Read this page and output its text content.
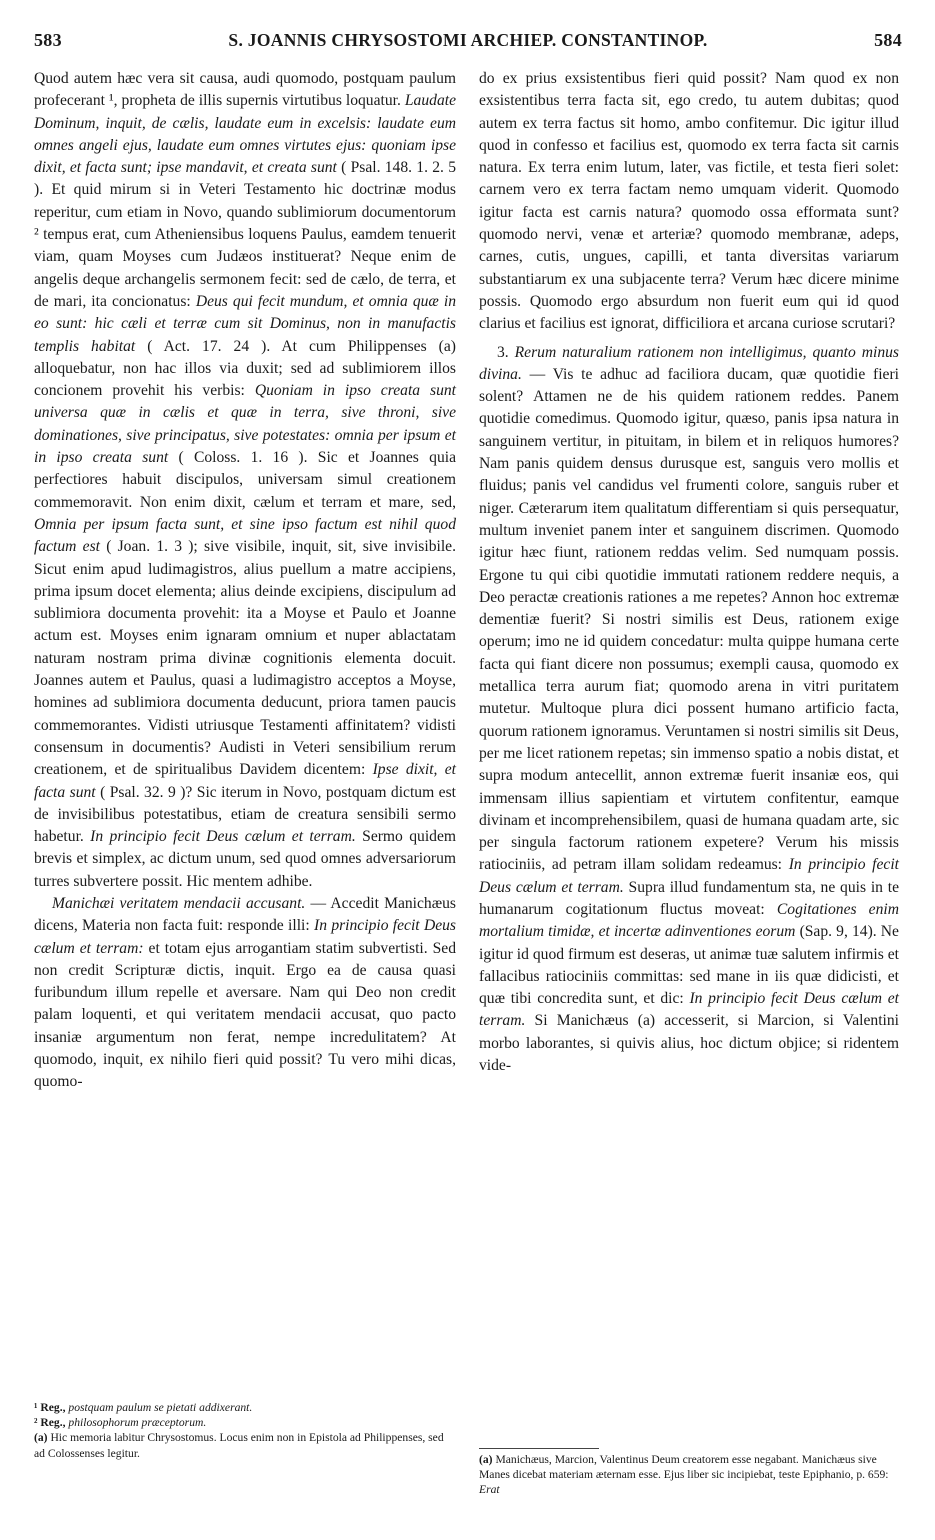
583	S. JOANNIS CHRYSOSTOMI ARCHIEP. CONSTANTINOP.	584

Quod autem hæc vera sit causa, audi quomodo, postquam paulum profecerant ¹, propheta de illis supernis virtutibus loquatur. Laudate Dominum, inquit, de cælis, laudate eum in excelsis: laudate eum omnes angeli ejus, laudate eum omnes virtutes ejus: quoniam ipse dixit, et facta sunt; ipse mandavit, et creata sunt ( Psal. 148. 1. 2. 5 ). Et quid mirum si in Veteri Testamento hic doctrinæ modus reperitur, cum etiam in Novo, quando sublimiorum documentorum ² tempus erat, cum Atheniensibus loquens Paulus, eamdem tenuerit viam, quam Moyses cum Judæos instituerat? Neque enim de angelis deque archangelis sermonem fecit: sed de cælo, de terra, et de mari, ita concionatus: Deus qui fecit mundum, et omnia quæ in eo sunt: hic cæli et terræ cum sit Dominus, non in manufactis templis habitat ( Act. 17. 24 ). At cum Philippenses (a) alloquebatur, non hac illos via duxit; sed ad sublimiorem illos concionem provehit his verbis: Quoniam in ipso creata sunt universa quæ in cælis et quæ in terra, sive throni, sive dominationes, sive principatus, sive potestates: omnia per ipsum et in ipso creata sunt ( Coloss. 1. 16 ). Sic et Joannes quia perfectiores habuit discipulos, universam simul creationem commemoravit. Non enim dixit, cælum et terram et mare, sed, Omnia per ipsum facta sunt, et sine ipso factum est nihil quod factum est ( Joan. 1. 3 ); sive visibile, inquit, sit, sive invisibile. Sicut enim apud ludimagistros, alius puellum a matre accipiens, prima ipsum docet elementa; alius deinde excipiens, discipulum ad sublimiora documenta provehit: ita a Moyse et Paulo et Joanne actum est. Moyses enim ignaram omnium et nuper ablactatam naturam nostram prima divinæ cognitionis elementa docuit. Joannes autem et Paulus, quasi a ludimagistro acceptos a Moyse, homines ad sublimiora documenta deducunt, priora tamen paucis commemorantes. Vidisti utriusque Testamenti affinitatem? vidisti consensum in documentis? Audisti in Veteri sensibilium rerum creationem, et de spiritualibus Davidem dicentem: Ipse dixit, et facta sunt ( Psal. 32. 9 )? Sic iterum in Novo, postquam dictum est de invisibilibus potestatibus, etiam de creatura sensibili sermo habetur. In principio fecit Deus cælum et terram. Sermo quidem brevis et simplex, ac dictum unum, sed quod omnes adversariorum turres subvertere possit. Hic mentem adhibe.

Manichæi veritatem mendacii accusant. — Accedit Manichæus dicens, Materia non facta fuit: responde illi: In principio fecit Deus cælum et terram: et totam ejus arrogantiam statim subvertisti. Sed non credit Scripturæ dictis, inquit. Ergo ea de causa quasi furibundum illum repelle et aversare. Nam qui Deo non credit palam loquenti, et qui veritatem mendacii accusat, quo pacto insaniæ argumentum non ferat, nempe incredulitatem? At quomodo, inquit, ex nihilo fieri quid possit? Tu vero mihi dicas, quomo-

do ex prius exsistentibus fieri quid possit? Nam quod ex non exsistentibus terra facta sit, ego credo, tu autem dubitas; quod autem ex terra factus sit homo, ambo confitemur. Dic igitur illud quod in confesso et facilius est, quomodo ex terra facta sit carnis natura. Ex terra enim lutum, later, vas fictile, et testa fieri solet: carnem vero ex terra factam nemo umquam viderit. Quomodo igitur facta est carnis natura? quomodo ossa efformata sunt? quomodo nervi, venæ et arteriæ? quomodo membranæ, adeps, carnes, cutis, ungues, capilli, et tanta diversitas variarum substantiarum ex una subjacente terra? Verum hæc dicere minime possis. Quomodo ergo absurdum non fuerit eum qui id quod clarius et facilius est ignorat, difficiliora et arcana curiose scrutari?

3. Rerum naturalium rationem non intelligimus, quanto minus divina. — Vis te adhuc ad faciliora ducam, quæ quotidie fieri solent? Attamen ne de his quidem rationem reddes. Panem quotidie comedimus. Quomodo igitur, quæso, panis ipsa natura in sanguinem vertitur, in pituitam, in bilem et in reliquos humores? Nam panis quidem densus durusque est, sanguis vero mollis et fluidus; panis vel candidus vel frumenti colore, sanguis ruber et niger. Cæterarum item qualitatum differentiam si quis persequatur, multum inveniet panem inter et sanguinem discrimen. Quomodo igitur hæc fiunt, rationem reddas velim. Sed numquam possis. Ergone tu qui cibi quotidie immutati rationem reddere nequis, a Deo peractæ creationis rationes a me repetes? Annon hoc extremæ dementiæ fuerit? Si nostri similis est Deus, rationem exige operum; imo ne id quidem concedatur: multa quippe humana certe facta qui fiant dicere non possumus; exempli causa, quomodo ex metallica terra aurum fiat; quomodo arena in vitri puritatem mutetur. Multoque plura dici possent humano artificio facta, quorum rationem ignoramus. Veruntamen si nostri similis sit Deus, per me licet rationem repetas; sin immenso spatio a nobis distat, et supra modum antecellit, annon extremæ fuerit insaniæ eos, qui immensam illius sapientiam et virtutem confitentur, eamque divinam et incomprehensibilem, quasi de humana quadam arte, sic per singula factorum rationem expetere? Verum his missis ratiociniis, ad petram illam solidam redeamus: In principio fecit Deus cælum et terram. Supra illud fundamentum sta, ne quis in te humanarum cogitationum fluctus moveat: Cogitationes enim mortalium timidæ, et incertæ adinventiones eorum (Sap. 9, 14). Ne igitur id quod firmum est deseras, ut animæ tuæ salutem infirmis et fallacibus ratiociniis committas: sed mane in iis quæ didicisti, et quæ tibi concredita sunt, et dic: In principio fecit Deus cælum et terram. Si Manichæus (a) accesserit, si Marcion, si Valentini morbo laborantes, si quivis alius, hoc dictum objice; si ridentem vide-

¹ Reg., postquam paulum se pietati addixerant.

² Reg., philosophorum præceptorum.

(a) Hic memoria labitur Chrysostomus. Locus enim non in Epistola ad Philippenses, sed ad Colossenses legitur.	(a) Manichæus, Marcion, Valentinus Deum creatorem esse negabant. Manichæus sive Manes dicebat materiam æternam esse. Ejus liber sic incipiebat, teste Epiphanio, p. 659: Erat
